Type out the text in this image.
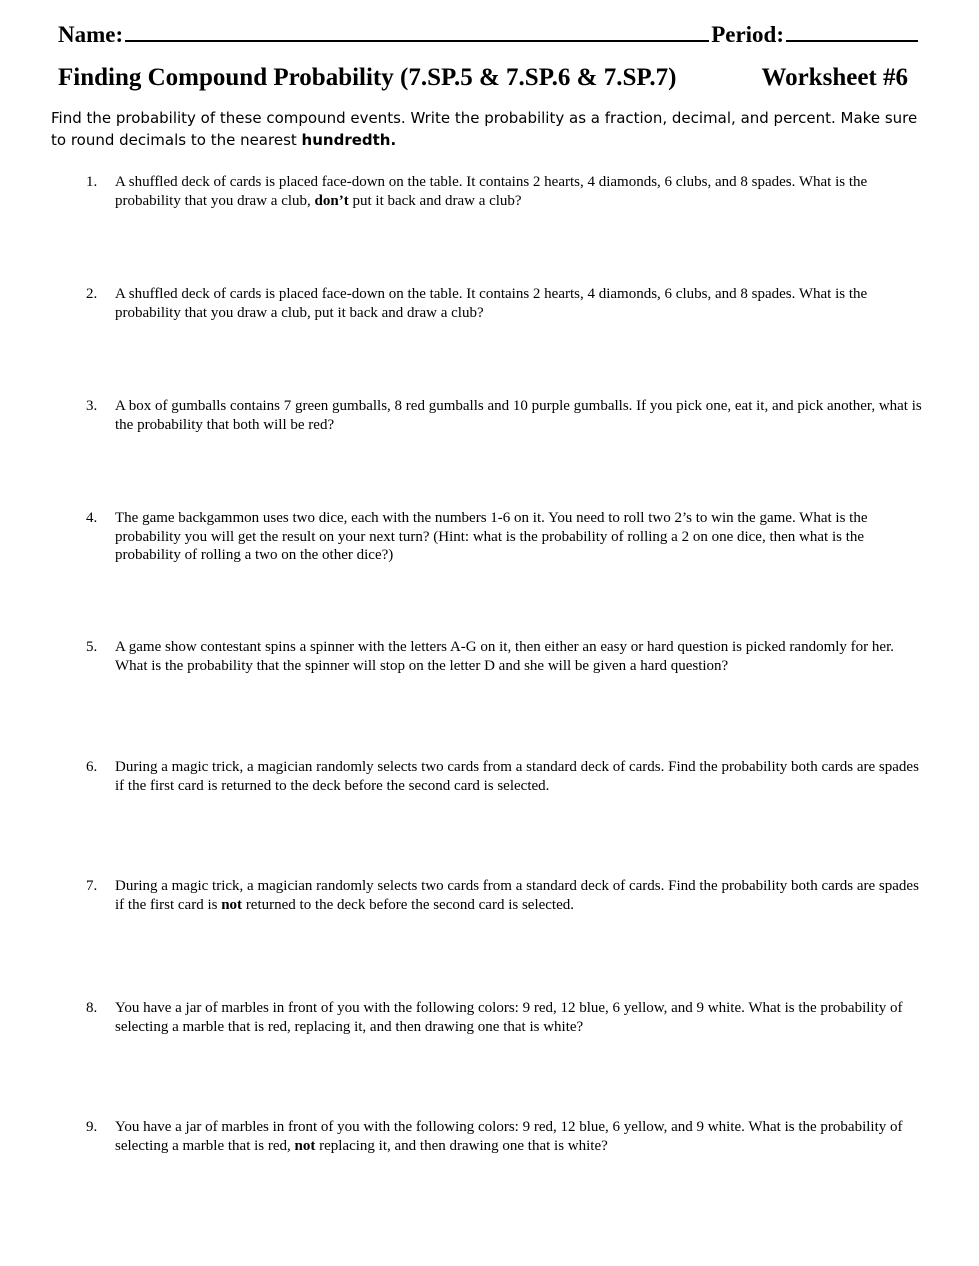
Name:	Period:
Finding Compound Probability (7.SP.5 & 7.SP.6 & 7.SP.7)	Worksheet #6
Find the probability of these compound events. Write the probability as a fraction, decimal, and percent. Make sure to round decimals to the nearest hundredth.
1.	A shuffled deck of cards is placed face-down on the table. It contains 2 hearts, 4 diamonds, 6 clubs, and 8 spades. What is the probability that you draw a club, don’t put it back and draw a club?
2.	A shuffled deck of cards is placed face-down on the table. It contains 2 hearts, 4 diamonds, 6 clubs, and 8 spades. What is the probability that you draw a club, put it back and draw a club?
3.	A box of gumballs contains 7 green gumballs, 8 red gumballs and 10 purple gumballs. If you pick one, eat it, and pick another, what is the probability that both will be red?
4.	The game backgammon uses two dice, each with the numbers 1-6 on it. You need to roll two 2’s to win the game. What is the probability you will get the result on your next turn? (Hint: what is the probability of rolling a 2 on one dice, then what is the probability of rolling a two on the other dice?)
5.	A game show contestant spins a spinner with the letters A-G on it, then either an easy or hard question is picked randomly for her. What is the probability that the spinner will stop on the letter D and she will be given a hard question?
6.	During a magic trick, a magician randomly selects two cards from a standard deck of cards. Find the probability both cards are spades if the first card is returned to the deck before the second card is selected.
7.	During a magic trick, a magician randomly selects two cards from a standard deck of cards. Find the probability both cards are spades if the first card is not returned to the deck before the second card is selected.
8.	You have a jar of marbles in front of you with the following colors: 9 red, 12 blue, 6 yellow, and 9 white. What is the probability of selecting a marble that is red, replacing it, and then drawing one that is white?
9.	You have a jar of marbles in front of you with the following colors: 9 red, 12 blue, 6 yellow, and 9 white. What is the probability of selecting a marble that is red, not replacing it, and then drawing one that is white?
